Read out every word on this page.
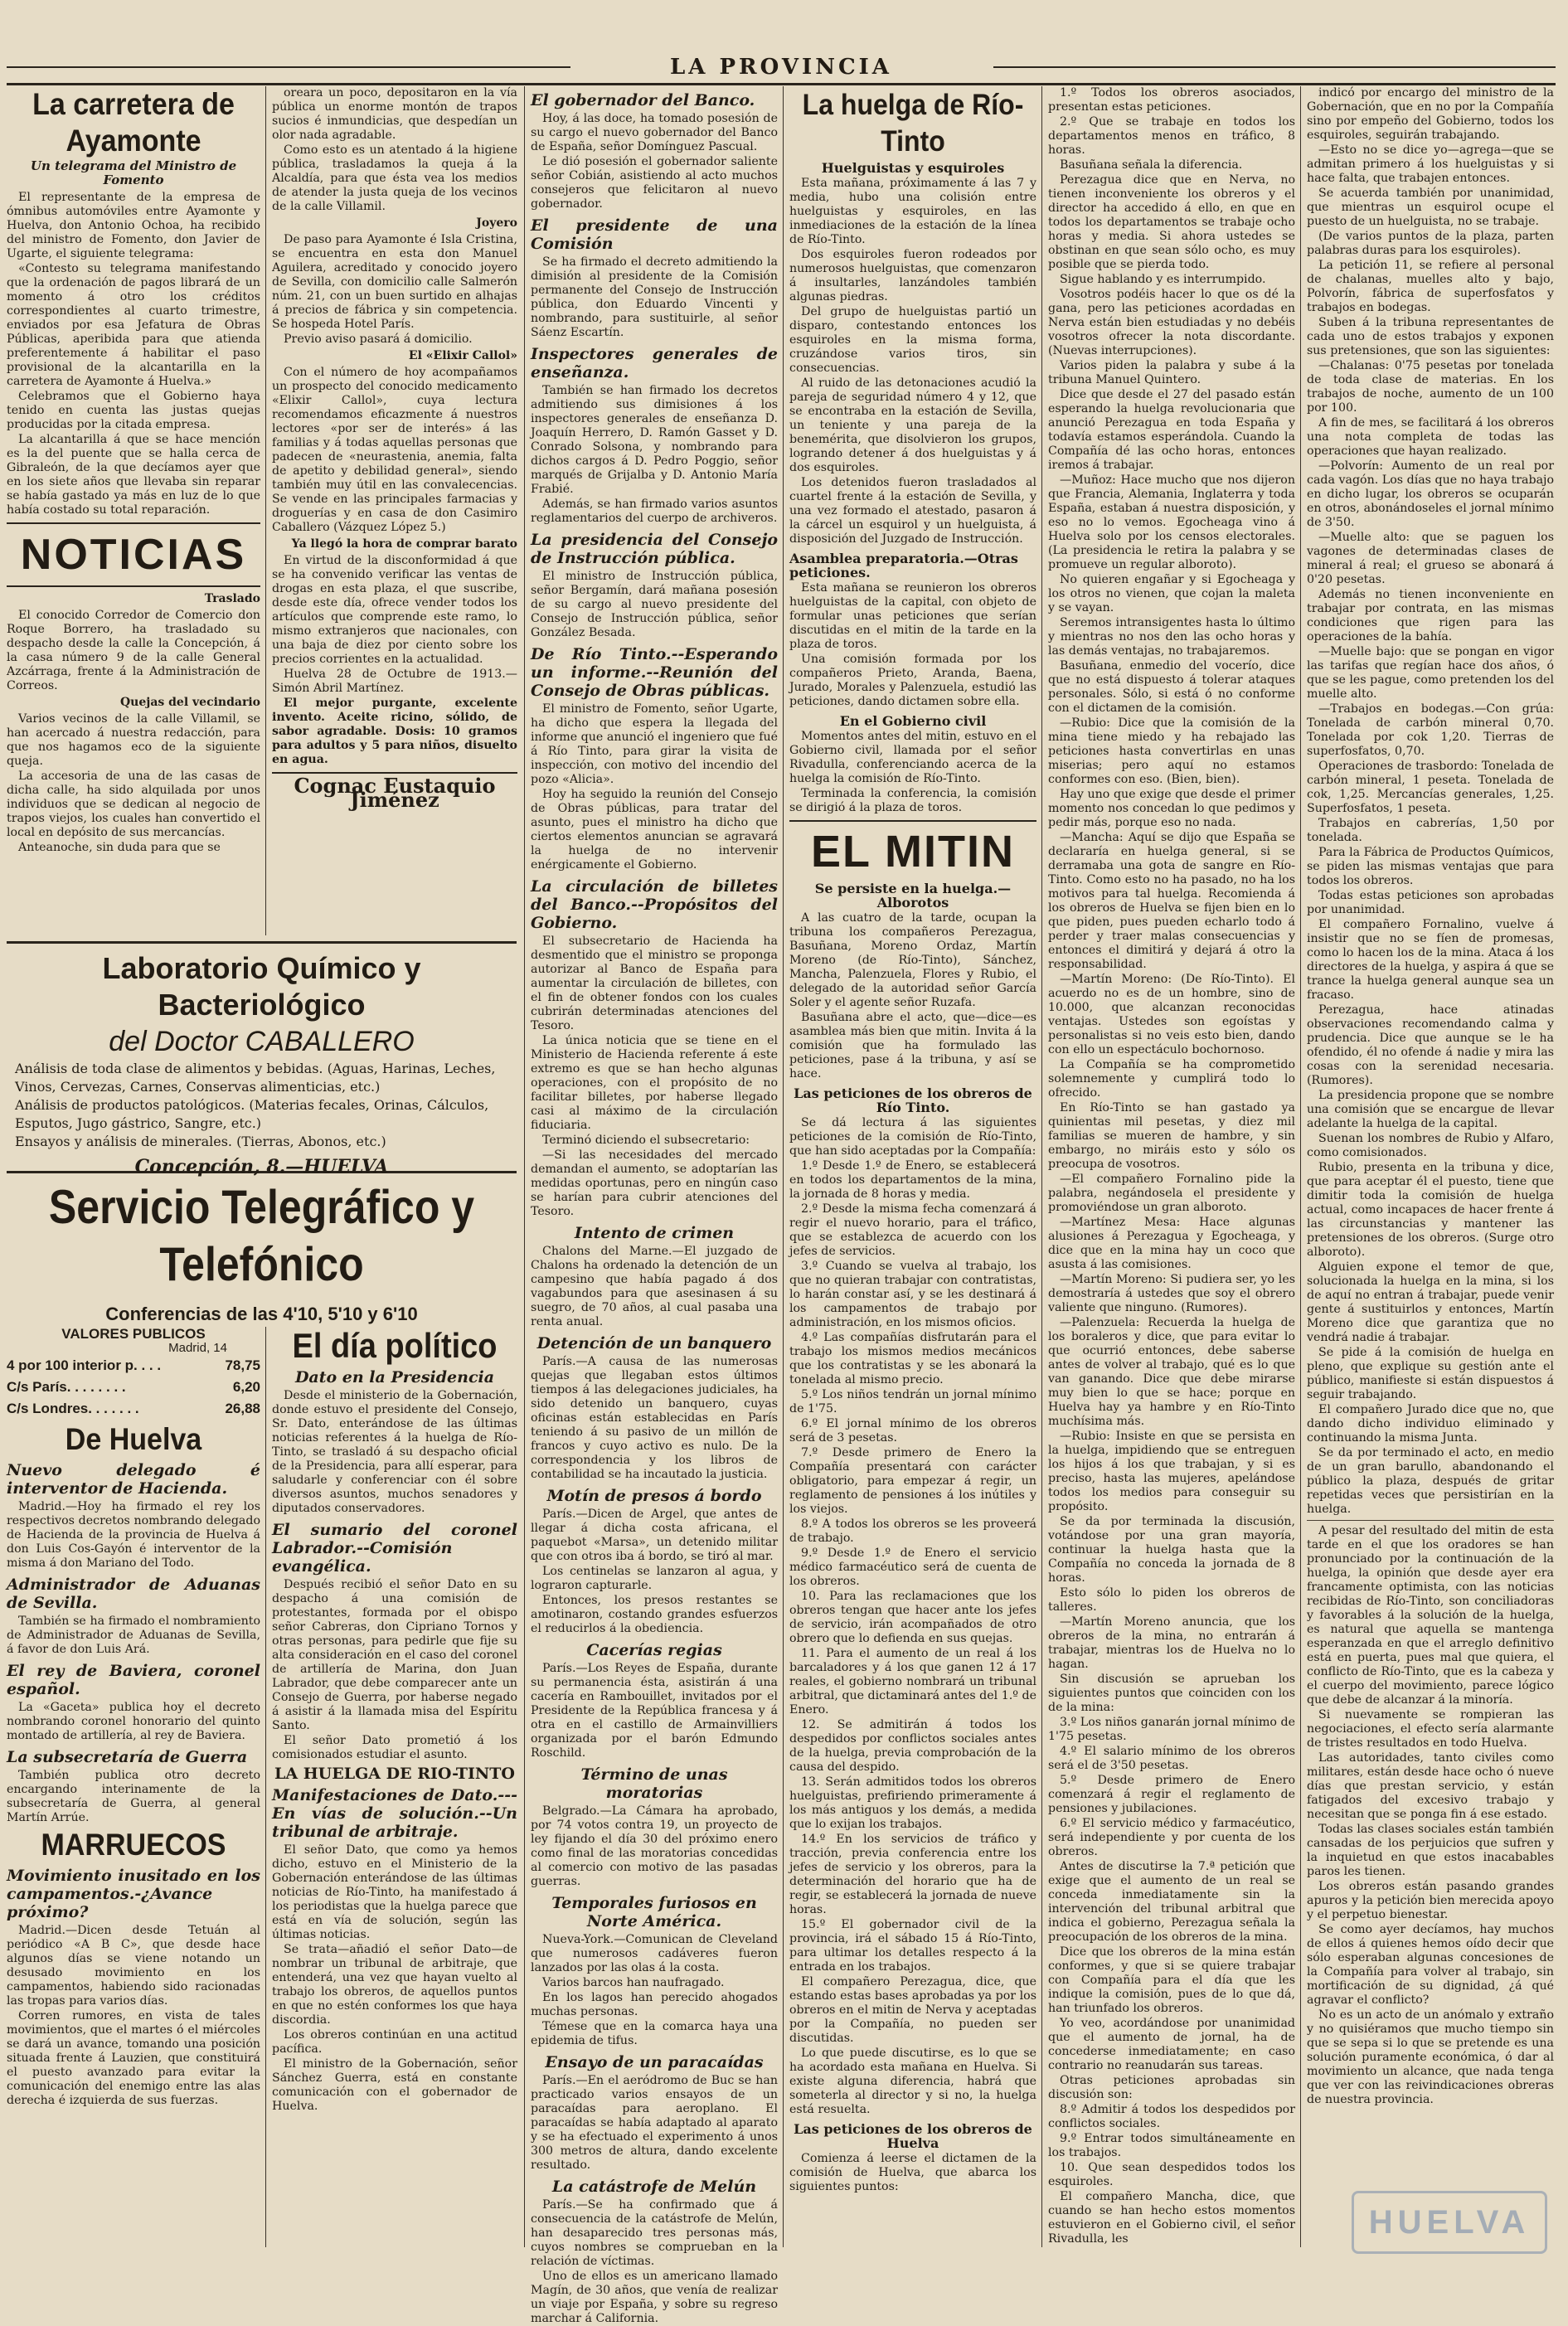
LA PROVINCIA
La carretera de Ayamonte
Un telegrama del Ministro de Fomento

El representante de la empresa de ómnibus automóviles entre Ayamonte y Huelva, don Antonio Ochoa, ha recibido del ministro de Fomento, don Javier de Ugarte, el siguiente telegrama:

«Contesto su telegrama manifestando que la ordenación de pagos librará de un momento á otro los créditos correspondientes al cuarto trimestre, enviados por esa Jefatura de Obras Públicas, aperibida para que atienda preferentemente á habilitar el paso provisional de la alcantarilla en la carretera de Ayamonte á Huelva.»

Celebramos que el Gobierno haya tenido en cuenta las justas quejas producidas por la citada empresa.

La alcantarilla á que se hace mención es la del puente que se halla cerca de Gibraleón, de la que decíamos ayer que en los siete años que llevaba sin reparar se había gastado ya más en luz de lo que había costado su total reparación.

NOTICIAS
Traslado

El conocido Corredor de Comercio don Roque Borrero, ha trasladado su despacho desde la calle la Concepción, á la casa número 9 de la calle General Azcárraga, frente á la Administración de Correos.

Quejas del vecindario

Varios vecinos de la calle Villamil, se han acercado á nuestra redacción, para que nos hagamos eco de la siguiente queja.

La accesoria de una de las casas de dicha calle, ha sido alquilada por unos individuos que se dedican al negocio de trapos viejos, los cuales han convertido el local en depósito de sus mercancías.

Anteanoche, sin duda para que se

oreara un poco, depositaron en la vía pública un enorme montón de trapos sucios é inmundicias, que despedían un olor nada agradable.

Como esto es un atentado á la higiene pública, trasladamos la queja á la Alcaldía, para que ésta vea los medios de atender la justa queja de los vecinos de la calle Villamil.

Joyero

De paso para Ayamonte é Isla Cristina, se encuentra en esta don Manuel Aguilera, acreditado y conocido joyero de Sevilla, con domicilio calle Salmerón núm. 21, con un buen surtido en alhajas á precios de fábrica y sin competencia. Se hospeda Hotel París.

Previo aviso pasará á domicilio.

El «Elixir Callol»

Con el número de hoy acompañamos un prospecto del conocido medicamento «Elixir Callol», cuya lectura recomendamos eficazmente á nuestros lectores «por ser de interés» á las familias y á todas aquellas personas que padecen de «neurastenia, anemia, falta de apetito y debilidad general», siendo también muy útil en las convalecencias. Se vende en las principales farmacias y droguerías y en casa de don Casimiro Caballero (Vázquez López 5.)

Ya llegó la hora de comprar barato

En virtud de la disconformidad á que se ha convenido verificar las ventas de drogas en esta plaza, el que suscribe, desde este día, ofrece vender todos los artículos que comprende este ramo, lo mismo extranjeros que nacionales, con una baja de diez por ciento sobre los precios corrientes en la actualidad.

Huelva 28 de Octubre de 1913.—Simón Abril Martínez.

El mejor purgante, excelente invento. Aceite ricino, sólido, de sabor agradable. Dosis: 10 gramos para adultos y 5 para niños, disuelto en agua.

Cognac Eustaquio Jiménez
Laboratorio Químico y Bacteriológico
del Doctor CABALLERO
Análisis de toda clase de alimentos y bebidas. (Aguas, Harinas, Leches, Vinos, Cervezas, Carnes, Conservas alimenticias, etc.)
Análisis de productos patológicos. (Materias fecales, Orinas, Cálculos, Esputos, Jugo gástrico, Sangre, etc.)
Ensayos y análisis de minerales. (Tierras, Abonos, etc.)
Concepción, 8.—HUELVA
Servicio Telegráfico y Telefónico
Conferencias de las 4'10, 5'10 y 6'10
VALORES PUBLICOS
Madrid, 14
4 por 100 interior p. . . .	78,75
C/s París. . . . . . . .	6,20
C/s Londres. . . . . . .	26,88
De Huelva
Nuevo delegado é interventor de Hacienda.

Madrid.—Hoy ha firmado el rey los respectivos decretos nombrando delegado de Hacienda de la provincia de Huelva á don Luis Cos-Gayón é interventor de la misma á don Mariano del Todo.

Administrador de Aduanas de Sevilla.

También se ha firmado el nombramiento de Administrador de Aduanas de Sevilla, á favor de don Luis Ará.

El rey de Baviera, coronel español.

La «Gaceta» publica hoy el decreto nombrando coronel honorario del quinto montado de artillería, al rey de Baviera.

La subsecretaría de Guerra

También publica otro decreto encargando interinamente de la subsecretaría de Guerra, al general Martín Arrúe.

MARRUECOS
Movimiento inusitado en los campamentos.-¿Avance próximo?

Madrid.—Dicen desde Tetuán al periódico «A B C», que desde hace algunos días se viene notando un desusado movimiento en los campamentos, habiendo sido racionadas las tropas para varios días.

Corren rumores, en vista de tales movimientos, que el martes ó el miércoles se dará un avance, tomando una posición situada frente á Lauzien, que constituirá el puesto avanzado para evitar la comunicación del enemigo entre las alas derecha é izquierda de sus fuerzas.

El día político
Dato en la Presidencia

Desde el ministerio de la Gobernación, donde estuvo el presidente del Consejo, Sr. Dato, enterándose de las últimas noticias referentes á la huelga de Río-Tinto, se trasladó á su despacho oficial de la Presidencia, para allí esperar, para saludarle y conferenciar con él sobre diversos asuntos, muchos senadores y diputados conservadores.

El sumario del coronel Labrador.--Comisión evangélica.

Después recibió el señor Dato en su despacho á una comisión de protestantes, formada por el obispo señor Cabreras, don Cipriano Tornos y otras personas, para pedirle que fije su alta consideración en el caso del coronel de artillería de Marina, don Juan Labrador, que debe comparecer ante un Consejo de Guerra, por haberse negado á asistir á la llamada misa del Espíritu Santo.

El señor Dato prometió á los comisionados estudiar el asunto.

LA HUELGA DE RIO-TINTO
Manifestaciones de Dato.---En vías de solución.--Un tribunal de arbitraje.

El señor Dato, que como ya hemos dicho, estuvo en el Ministerio de la Gobernación enterándose de las últimas noticias de Río-Tinto, ha manifestado á los periodistas que la huelga parece que está en vía de solución, según las últimas noticias.

Se trata—añadió el señor Dato—de nombrar un tribunal de arbitraje, que entenderá, una vez que hayan vuelto al trabajo los obreros, de aquellos puntos en que no estén conformes los que haya discordia.

Los obreros continúan en una actitud pacífica.

El ministro de la Gobernación, señor Sánchez Guerra, está en constante comunicación con el gobernador de Huelva.

El gobernador del Banco.

Hoy, á las doce, ha tomado posesión de su cargo el nuevo gobernador del Banco de España, señor Domínguez Pascual.

Le dió posesión el gobernador saliente señor Cobián, asistiendo al acto muchos consejeros que felicitaron al nuevo gobernador.

El presidente de una Comisión

Se ha firmado el decreto admitiendo la dimisión al presidente de la Comisión permanente del Consejo de Instrucción pública, don Eduardo Vincenti y nombrando, para sustituirle, al señor Sáenz Escartín.

Inspectores generales de enseñanza.

También se han firmado los decretos admitiendo sus dimisiones á los inspectores generales de enseñanza D. Joaquín Herrero, D. Ramón Gasset y D. Conrado Solsona, y nombrando para dichos cargos á D. Pedro Poggio, señor marqués de Grijalba y D. Antonio María Frabié.

Además, se han firmado varios asuntos reglamentarios del cuerpo de archiveros.

La presidencia del Consejo de Instrucción pública.

El ministro de Instrucción pública, señor Bergamín, dará mañana posesión de su cargo al nuevo presidente del Consejo de Instrucción pública, señor González Besada.

De Río Tinto.--Esperando un informe.--Reunión del Consejo de Obras públicas.

El ministro de Fomento, señor Ugarte, ha dicho que espera la llegada del informe que anunció el ingeniero que fué á Río Tinto, para girar la visita de inspección, con motivo del incendio del pozo «Alicia».

Hoy ha seguido la reunión del Consejo de Obras públicas, para tratar del asunto, pues el ministro ha dicho que ciertos elementos anuncian se agravará la huelga de no intervenir enérgicamente el Gobierno.

La circulación de billetes del Banco.--Propósitos del Gobierno.

El subsecretario de Hacienda ha desmentido que el ministro se proponga autorizar al Banco de España para aumentar la circulación de billetes, con el fin de obtener fondos con los cuales cubrirán determinadas atenciones del Tesoro.

La única noticia que se tiene en el Ministerio de Hacienda referente á este extremo es que se han hecho algunas operaciones, con el propósito de no facilitar billetes, por haberse llegado casi al máximo de la circulación fiduciaria.

Terminó diciendo el subsecretario:

—Si las necesidades del mercado demandan el aumento, se adoptarían las medidas oportunas, pero en ningún caso se harían para cubrir atenciones del Tesoro.

Intento de crimen

Chalons del Marne.—El juzgado de Chalons ha ordenado la detención de un campesino que había pagado á dos vagabundos para que asesinasen á su suegro, de 70 años, al cual pasaba una renta anual.

Detención de un banquero

París.—A causa de las numerosas quejas que llegaban estos últimos tiempos á las delegaciones judiciales, ha sido detenido un banquero, cuyas oficinas están establecidas en París teniendo á su pasivo de un millón de francos y cuyo activo es nulo. De la correspondencia y los libros de contabilidad se ha incautado la justicia.

Motín de presos á bordo

París.—Dicen de Argel, que antes de llegar á dicha costa africana, el paquebot «Marsa», un detenido militar que con otros iba á bordo, se tiró al mar.

Los centinelas se lanzaron al agua, y lograron capturarle.

Entonces, los presos restantes se amotinaron, costando grandes esfuerzos el reducirlos á la obediencia.

Cacerías regias

París.—Los Reyes de España, durante su permanencia ésta, asistirán á una cacería en Rambouillet, invitados por el Presidente de la República francesa y á otra en el castillo de Armainvilliers organizada por el barón Edmundo Roschild.

Término de unas moratorias

Belgrado.—La Cámara ha aprobado, por 74 votos contra 19, un proyecto de ley fijando el día 30 del próximo enero como final de las moratorias concedidas al comercio con motivo de las pasadas guerras.

Temporales furiosos en Norte América.

Nueva-York.—Comunican de Cleveland que numerosos cadáveres fueron lanzados por las olas á la costa.

Varios barcos han naufragado.

En los lagos han perecido ahogados muchas personas.

Témese que en la comarca haya una epidemia de tifus.

Ensayo de un paracaídas

París.—En el aeródromo de Buc se han practicado varios ensayos de un paracaídas para aeroplano. El paracaídas se había adaptado al aparato y se ha efectuado el experimento á unos 300 metros de altura, dando excelente resultado.

La catástrofe de Melún

París.—Se ha confirmado que á consecuencia de la catástrofe de Melún, han desaparecido tres personas más, cuyos nombres se comprueban en la relación de víctimas.

Uno de ellos es un americano llamado Magín, de 30 años, que venía de realizar un viaje por España, y sobre su regreso marchar á California.

La huelga de Río-Tinto
Huelguistas y esquiroles

Esta mañana, próximamente á las 7 y media, hubo una colisión entre huelguistas y esquiroles, en las inmediaciones de la estación de la línea de Río-Tinto.

Dos esquiroles fueron rodeados por numerosos huelguistas, que comenzaron á insultarles, lanzándoles también algunas piedras.

Del grupo de huelguistas partió un disparo, contestando entonces los esquiroles en la misma forma, cruzándose varios tiros, sin consecuencias.

Al ruido de las detonaciones acudió la pareja de seguridad número 4 y 12, que se encontraba en la estación de Sevilla, un teniente y una pareja de la benemérita, que disolvieron los grupos, logrando detener á dos huelguistas y á dos esquiroles.

Los detenidos fueron trasladados al cuartel frente á la estación de Sevilla, y una vez formado el atestado, pasaron á la cárcel un esquirol y un huelguista, á disposición del Juzgado de Instrucción.

Asamblea preparatoria.—Otras peticiones.

Esta mañana se reunieron los obreros huelguistas de la capital, con objeto de formular unas peticiones que serían discutidas en el mitin de la tarde en la plaza de toros.

Una comisión formada por los compañeros Prieto, Aranda, Baena, Jurado, Morales y Palenzuela, estudió las peticiones, dando dictamen sobre ella.

En el Gobierno civil

Momentos antes del mitin, estuvo en el Gobierno civil, llamada por el señor Rivadulla, conferenciando acerca de la huelga la comisión de Río-Tinto.

Terminada la conferencia, la comisión se dirigió á la plaza de toros.

EL MITIN
Se persiste en la huelga.—Alborotos

A las cuatro de la tarde, ocupan la tribuna los compañeros Perezagua, Basuñana, Moreno Ordaz, Martín Moreno (de Río-Tinto), Sánchez, Mancha, Palenzuela, Flores y Rubio, el delegado de la autoridad señor García Soler y el agente señor Ruzafa.

Basuñana abre el acto, que—dice—es asamblea más bien que mitin. Invita á la comisión que ha formulado las peticiones, pase á la tribuna, y así se hace.

Las peticiones de los obreros de Río Tinto.

Se dá lectura á las siguientes peticiones de la comisión de Río-Tinto, que han sido aceptadas por la Compañía:

1.º Desde 1.º de Enero, se establecerá en todos los departamentos de la mina, la jornada de 8 horas y media.

2.º Desde la misma fecha comenzará á regir el nuevo horario, para el tráfico, que se establezca de acuerdo con los jefes de servicios.

3.º Cuando se vuelva al trabajo, los que no quieran trabajar con contratistas, lo harán constar así, y se les destinará á los campamentos de trabajo por administración, en los mismos oficios.

4.º Las compañías disfrutarán para el trabajo los mismos medios mecánicos que los contratistas y se les abonará la tonelada al mismo precio.

5.º Los niños tendrán un jornal mínimo de 1'75.

6.º El jornal mínimo de los obreros será de 3 pesetas.

7.º Desde primero de Enero la Compañía presentará con carácter obligatorio, para empezar á regir, un reglamento de pensiones á los inútiles y los viejos.

8.º A todos los obreros se les proveerá de trabajo.

9.º Desde 1.º de Enero el servicio médico farmacéutico será de cuenta de los obreros.

10. Para las reclamaciones que los obreros tengan que hacer ante los jefes de servicio, irán acompañados de otro obrero que lo defienda en sus quejas.

11. Para el aumento de un real á los barcaladores y á los que ganen 12 á 17 reales, el gobierno nombrará un tribunal arbitral, que dictaminará antes del 1.º de Enero.

12. Se admitirán á todos los despedidos por conflictos sociales antes de la huelga, previa comprobación de la causa del despido.

13. Serán admitidos todos los obreros huelguistas, prefiriendo primeramente á los más antiguos y los demás, a medida que lo exijan los trabajos.

14.º En los servicios de tráfico y tracción, previa conferencia entre los jefes de servicio y los obreros, para la determinación del horario que ha de regir, se establecerá la jornada de nueve horas.

15.º El gobernador civil de la provincia, irá el sábado 15 á Río-Tinto, para ultimar los detalles respecto á la entrada en los trabajos.

El compañero Perezagua, dice, que estando estas bases aprobadas ya por los obreros en el mitin de Nerva y aceptadas por la Compañía, no pueden ser discutidas.

Lo que puede discutirse, es lo que se ha acordado esta mañana en Huelva. Si existe alguna diferencia, habrá que someterla al director y si no, la huelga está resuelta.

Las peticiones de los obreros de Huelva

Comienza á leerse el dictamen de la comisión de Huelva, que abarca los siguientes puntos:

1.º Todos los obreros asociados, presentan estas peticiones.

2.º Que se trabaje en todos los departamentos menos en tráfico, 8 horas.

Basuñana señala la diferencia.

Perezagua dice que en Nerva, no tienen inconveniente los obreros y el director ha accedido á ello, en que en todos los departamentos se trabaje ocho horas y media. Si ahora ustedes se obstinan en que sean sólo ocho, es muy posible que se pierda todo.

Sigue hablando y es interrumpido.

Vosotros podéis hacer lo que os dé la gana, pero las peticiones acordadas en Nerva están bien estudiadas y no debéis vosotros ofrecer la nota discordante. (Nuevas interrupciones).

Varios piden la palabra y sube á la tribuna Manuel Quintero.

Dice que desde el 27 del pasado están esperando la huelga revolucionaria que anunció Perezagua en toda España y todavía estamos esperándola. Cuando la Compañía dé las ocho horas, entonces iremos á trabajar.

—Muñoz: Hace mucho que nos dijeron que Francia, Alemania, Inglaterra y toda España, estaban á nuestra disposición, y eso no lo vemos. Egocheaga vino á Huelva solo por los censos electorales. (La presidencia le retira la palabra y se promueve un regular alboroto).

No quieren engañar y si Egocheaga y los otros no vienen, que cojan la maleta y se vayan.

Seremos intransigentes hasta lo último y mientras no nos den las ocho horas y las demás ventajas, no trabajaremos.

Basuñana, enmedio del vocerío, dice que no está dispuesto á tolerar ataques personales. Sólo, si está ó no conforme con el dictamen de la comisión.

—Rubio: Dice que la comisión de la mina tiene miedo y ha rebajado las peticiones hasta convertirlas en unas miserias; pero aquí no estamos conformes con eso. (Bien, bien).

Hay uno que exige que desde el primer momento nos concedan lo que pedimos y pedir más, porque eso no nada.

—Mancha: Aquí se dijo que España se declararía en huelga general, si se derramaba una gota de sangre en Río-Tinto. Como esto no ha pasado, no ha los motivos para tal huelga. Recomienda á los obreros de Huelva se fijen bien en lo que piden, pues pueden echarlo todo á perder y traer malas consecuencias y entonces el dimitirá y dejará á otro la responsabilidad.

—Martín Moreno: (De Río-Tinto). El acuerdo no es de un hombre, sino de 10.000, que alcanzan reconocidas ventajas. Ustedes son egoístas y personalistas si no veis esto bien, dando con ello un espectáculo bochornoso.

La Compañía se ha comprometido solemnemente y cumplirá todo lo ofrecido.

En Río-Tinto se han gastado ya quinientas mil pesetas, y diez mil familias se mueren de hambre, y sin embargo, no miráis esto y sólo os preocupa de vosotros.

—El compañero Fornalino pide la palabra, negándosela el presidente y promoviéndose un gran alboroto.

—Martínez Mesa: Hace algunas alusiones á Perezagua y Egocheaga, y dice que en la mina hay un coco que asusta á las comisiones.

—Martín Moreno: Si pudiera ser, yo les demostraría á ustedes que soy el obrero valiente que ninguno. (Rumores).

—Palenzuela: Recuerda la huelga de los boraleros y dice, que para evitar lo que ocurrió entonces, debe saberse antes de volver al trabajo, qué es lo que van ganando. Dice que debe mirarse muy bien lo que se hace; porque en Huelva hay ya hambre y en Río-Tinto muchísima más.

—Rubio: Insiste en que se persista en la huelga, impidiendo que se entreguen los hijos á los que trabajan, y si es preciso, hasta las mujeres, apelándose todos los medios para conseguir su propósito.

Se da por terminada la discusión, votándose por una gran mayoría, continuar la huelga hasta que la Compañía no conceda la jornada de 8 horas.

Esto sólo lo piden los obreros de talleres.

—Martín Moreno anuncia, que los obreros de la mina, no entrarán á trabajar, mientras los de Huelva no lo hagan.

Sin discusión se aprueban los siguientes puntos que coinciden con los de la mina:

3.º Los niños ganarán jornal mínimo de 1'75 pesetas.

4.º El salario mínimo de los obreros será el de 3'50 pesetas.

5.º Desde primero de Enero comenzará á regir el reglamento de pensiones y jubilaciones.

6.º El servicio médico y farmacéutico, será independiente y por cuenta de los obreros.

Antes de discutirse la 7.ª petición que exige que el aumento de un real se conceda inmediatamente sin la intervención del tribunal arbitral que indica el gobierno, Perezagua señala la preocupación de los obreros de la mina.

Dice que los obreros de la mina están conformes, y que si se quiere trabajar con Compañía para el día que les indique la comisión, pues de lo que dá, han triunfado los obreros.

Yo veo, acordándose por unanimidad que el aumento de jornal, ha de concederse inmediatamente; en caso contrario no reanudarán sus tareas.

Otras peticiones aprobadas sin discusión son:

8.º Admitir á todos los despedidos por conflictos sociales.

9.º Entrar todos simultáneamente en los trabajos.

10. Que sean despedidos todos los esquiroles.

El compañero Mancha, dice, que cuando se han hecho estos momentos estuvieron en el Gobierno civil, el señor Rivadulla, les

indicó por encargo del ministro de la Gobernación, que en no por la Compañía sino por empeño del Gobierno, todos los esquiroles, seguirán trabajando.

—Esto no se dice yo—agrega—que se admitan primero á los huelguistas y si hace falta, que trabajen entonces.

Se acuerda también por unanimidad, que mientras un esquirol ocupe el puesto de un huelguista, no se trabaje.

(De varios puntos de la plaza, parten palabras duras para los esquiroles).

La petición 11, se refiere al personal de chalanas, muelles alto y bajo, Polvorín, fábrica de superfosfatos y trabajos en bodegas.

Suben á la tribuna representantes de cada uno de estos trabajos y exponen sus pretensiones, que son las siguientes:

—Chalanas: 0'75 pesetas por tonelada de toda clase de materias. En los trabajos de noche, aumento de un 100 por 100.

A fin de mes, se facilitará á los obreros una nota completa de todas las operaciones que hayan realizado.

—Polvorín: Aumento de un real por cada vagón. Los días que no haya trabajo en dicho lugar, los obreros se ocuparán en otros, abonándoseles el jornal mínimo de 3'50.

—Muelle alto: que se paguen los vagones de determinadas clases de mineral á real; el grueso se abonará á 0'20 pesetas.

Además no tienen inconveniente en trabajar por contrata, en las mismas condiciones que rigen para las operaciones de la bahía.

—Muelle bajo: que se pongan en vigor las tarifas que regían hace dos años, ó que se les pague, como pretenden los del muelle alto.

—Trabajos en bodegas.—Con grúa: Tonelada de carbón mineral 0,70. Tonelada por cok 1,20. Tierras de superfosfatos, 0,70.

Operaciones de trasbordo: Tonelada de carbón mineral, 1 peseta. Tonelada de cok, 1,25. Mercancías generales, 1,25. Superfosfatos, 1 peseta.

Trabajos en cabrerías, 1,50 por tonelada.

Para la Fábrica de Productos Químicos, se piden las mismas ventajas que para todos los obreros.

Todas estas peticiones son aprobadas por unanimidad.

El compañero Fornalino, vuelve á insistir que no se fíen de promesas, como lo hacen los de la mina. Ataca á los directores de la huelga, y aspira á que se trance la huelga general aunque sea un fracaso.

Perezagua, hace atinadas observaciones recomendando calma y prudencia. Dice que aunque se le ha ofendido, él no ofende á nadie y mira las cosas con la serenidad necesaria. (Rumores).

La presidencia propone que se nombre una comisión que se encargue de llevar adelante la huelga de la capital.

Suenan los nombres de Rubio y Alfaro, como comisionados.

Rubio, presenta en la tribuna y dice, que para aceptar él el puesto, tiene que dimitir toda la comisión de huelga actual, como incapaces de hacer frente á las circunstancias y mantener las pretensiones de los obreros. (Surge otro alboroto).

Alguien expone el temor de que, solucionada la huelga en la mina, si los de aquí no entran á trabajar, puede venir gente á sustituirlos y entonces, Martín Moreno dice que garantiza que no vendrá nadie á trabajar.

Se pide á la comisión de huelga en pleno, que explique su gestión ante el público, manifieste si están dispuestos á seguir trabajando.

El compañero Jurado dice que no, que dando dicho individuo eliminado y continuando la misma Junta.

Se da por terminado el acto, en medio de un gran barullo, abandonando el público la plaza, después de gritar repetidas veces que persistirían en la huelga.

A pesar del resultado del mitin de esta tarde en el que los oradores se han pronunciado por la continuación de la huelga, la opinión que desde ayer era francamente optimista, con las noticias recibidas de Río-Tinto, son conciliadoras y favorables á la solución de la huelga, es natural que aquella se mantenga esperanzada en que el arreglo definitivo está en puerta, pues mal que quiera, el conflicto de Río-Tinto, que es la cabeza y el cuerpo del movimiento, parece lógico que debe de alcanzar á la minoría.

Si nuevamente se rompieran las negociaciones, el efecto sería alarmante de tristes resultados en todo Huelva.

Las autoridades, tanto civiles como militares, están desde hace ocho ó nueve días que prestan servicio, y están fatigados del excesivo trabajo y necesitan que se ponga fin á ese estado.

Todas las clases sociales están también cansadas de los perjuicios que sufren y la inquietud en que estos inacabables paros les tienen.

Los obreros están pasando grandes apuros y la petición bien merecida apoyo y el perpetuo bienestar.

Se como ayer decíamos, hay muchos de ellos á quienes hemos oído decir que sólo esperaban algunas concesiones de la Compañía para volver al trabajo, sin mortificación de su dignidad, ¿á qué agravar el conflicto?

No es un acto de un anómalo y extraño y no quisiéramos que mucho tiempo sin que se sepa si lo que se pretende es una solución puramente económica, ó dar al movimiento un alcance, que nada tenga que ver con las reivindicaciones obreras de nuestra provincia.

HUELVA
